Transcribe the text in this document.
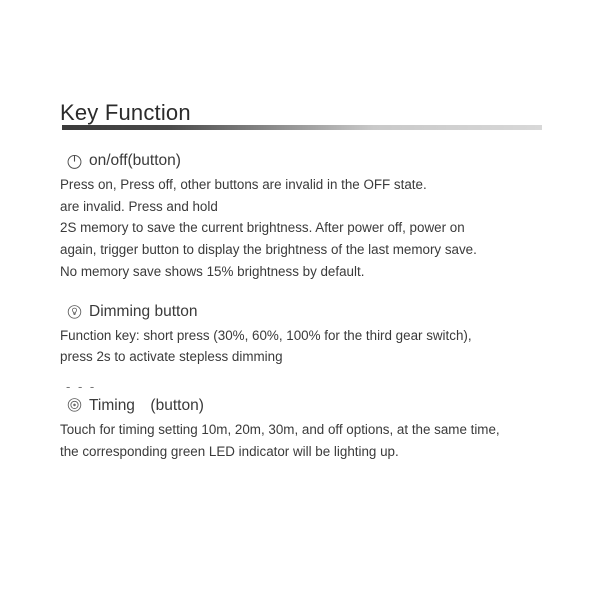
Key Function
on/off(button)
Press on, Press off, other buttons are invalid in the OFF state.
are invalid. Press and hold
2S memory to save the current brightness. After power off, power on
again, trigger button to display the brightness of the last memory save.
No memory save shows 15% brightness by default.
Dimming button
Function key: short press (30%, 60%, 100% for the third gear switch),
press 2s to activate stepless dimming
- - -
Timing　(button)
Touch for timing setting 10m, 20m, 30m, and off options, at the same time,
the corresponding green LED indicator will be lighting up.
